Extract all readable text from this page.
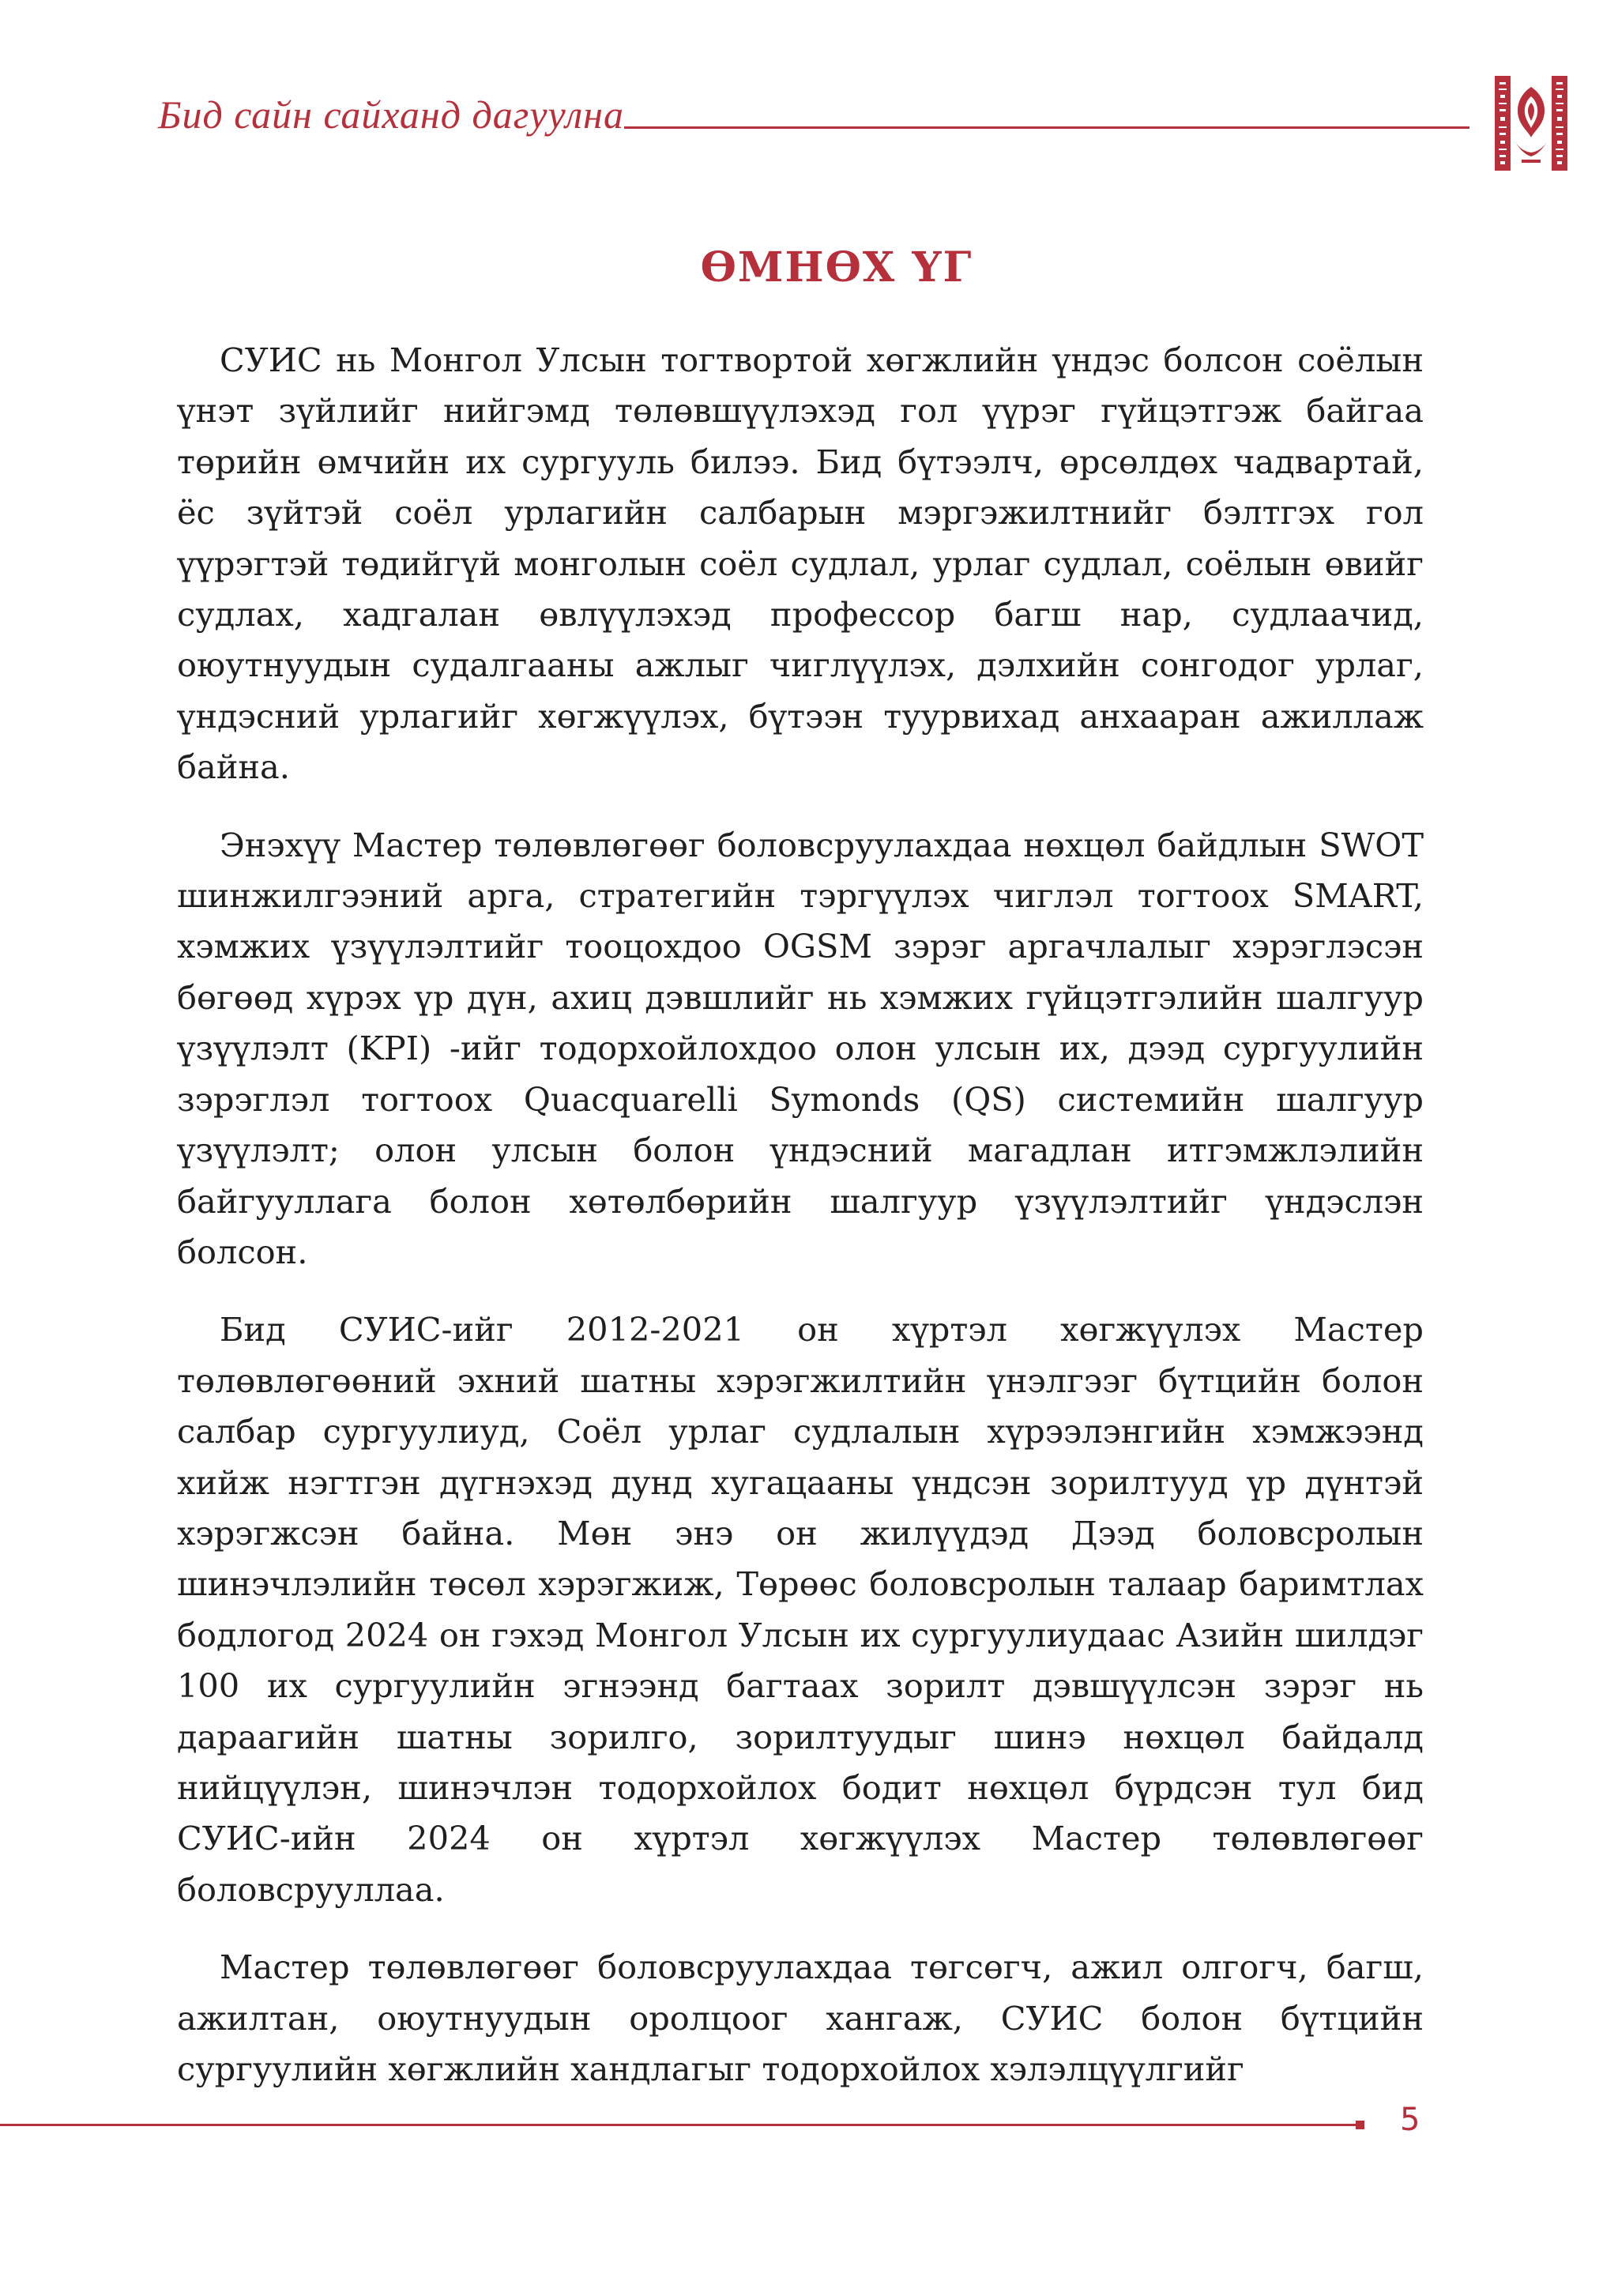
Бид сайн сайханд дагуулна
ӨМНӨХ ҮГ

СУИС нь Монгол Улсын тогтвортой хөгжлийн үндэс болсон соёлын үнэт зүйлийг нийгэмд төлөвшүүлэхэд гол үүрэг гүйцэтгэж байгаа төрийн өмчийн их сургууль билээ. Бид бүтээлч, өрсөлдөх чадвартай, ёс зүйтэй соёл урлагийн салбарын мэргэжилтнийг бэлтгэх гол үүрэгтэй төдийгүй монголын соёл судлал, урлаг судлал, соёлын өвийг судлах, хадгалан өвлүүлэхэд профессор багш нар, судлаачид, оюутнуудын судалгааны ажлыг чиглүүлэх, дэлхийн сонгодог урлаг, үндэсний урлагийг хөгжүүлэх, бүтээн туурвихад анхааран ажиллаж байна.

Энэхүү Мастер төлөвлөгөөг боловсруулахдаа нөхцөл байдлын SWOT шинжилгээний арга, стратегийн тэргүүлэх чиглэл тогтоох SMART, хэмжих үзүүлэлтийг тооцохдоо OGSM зэрэг аргачлалыг хэрэглэсэн бөгөөд хүрэх үр дүн, ахиц дэвшлийг нь хэмжих гүйцэтгэлийн шалгуур үзүүлэлт (KPI) -ийг тодорхойлохдоо олон улсын их, дээд сургуулийн зэрэглэл тогтоох Quacquarelli Symonds (QS) системийн шалгуур үзүүлэлт; олон улсын болон үндэсний магадлан итгэмжлэлийн байгууллага болон хөтөлбөрийн шалгуур үзүүлэлтийг үндэслэн болсон.

Бид СУИС-ийг 2012-2021 он хүртэл хөгжүүлэх Мастер төлөвлөгөөний эхний шатны хэрэгжилтийн үнэлгээг бүтцийн болон салбар сургуулиуд, Соёл урлаг судлалын хүрээлэнгийн хэмжээнд хийж нэгтгэн дүгнэхэд дунд хугацааны үндсэн зорилтууд үр дүнтэй хэрэгжсэн байна. Мөн энэ он жилүүдэд Дээд боловсролын шинэчлэлийн төсөл хэрэгжиж, Төрөөс боловсролын талаар баримтлах бодлогод 2024 он гэхэд Монгол Улсын их сургуулиудаас Азийн шилдэг 100 их сургуулийн эгнээнд багтаах зорилт дэвшүүлсэн зэрэг нь дараагийн шатны зорилго, зорилтуудыг шинэ нөхцөл байдалд нийцүүлэн, шинэчлэн тодорхойлох бодит нөхцөл бүрдсэн тул бид СУИС-ийн 2024 он хүртэл хөгжүүлэх Мастер төлөвлөгөөг боловсрууллаа.

Мастер төлөвлөгөөг боловсруулахдаа төгсөгч, ажил олгогч, багш, ажилтан, оюутнуудын оролцоог хангаж, СУИС болон бүтцийн сургуулийн хөгжлийн хандлагыг тодорхойлох хэлэлцүүлгийг

5
